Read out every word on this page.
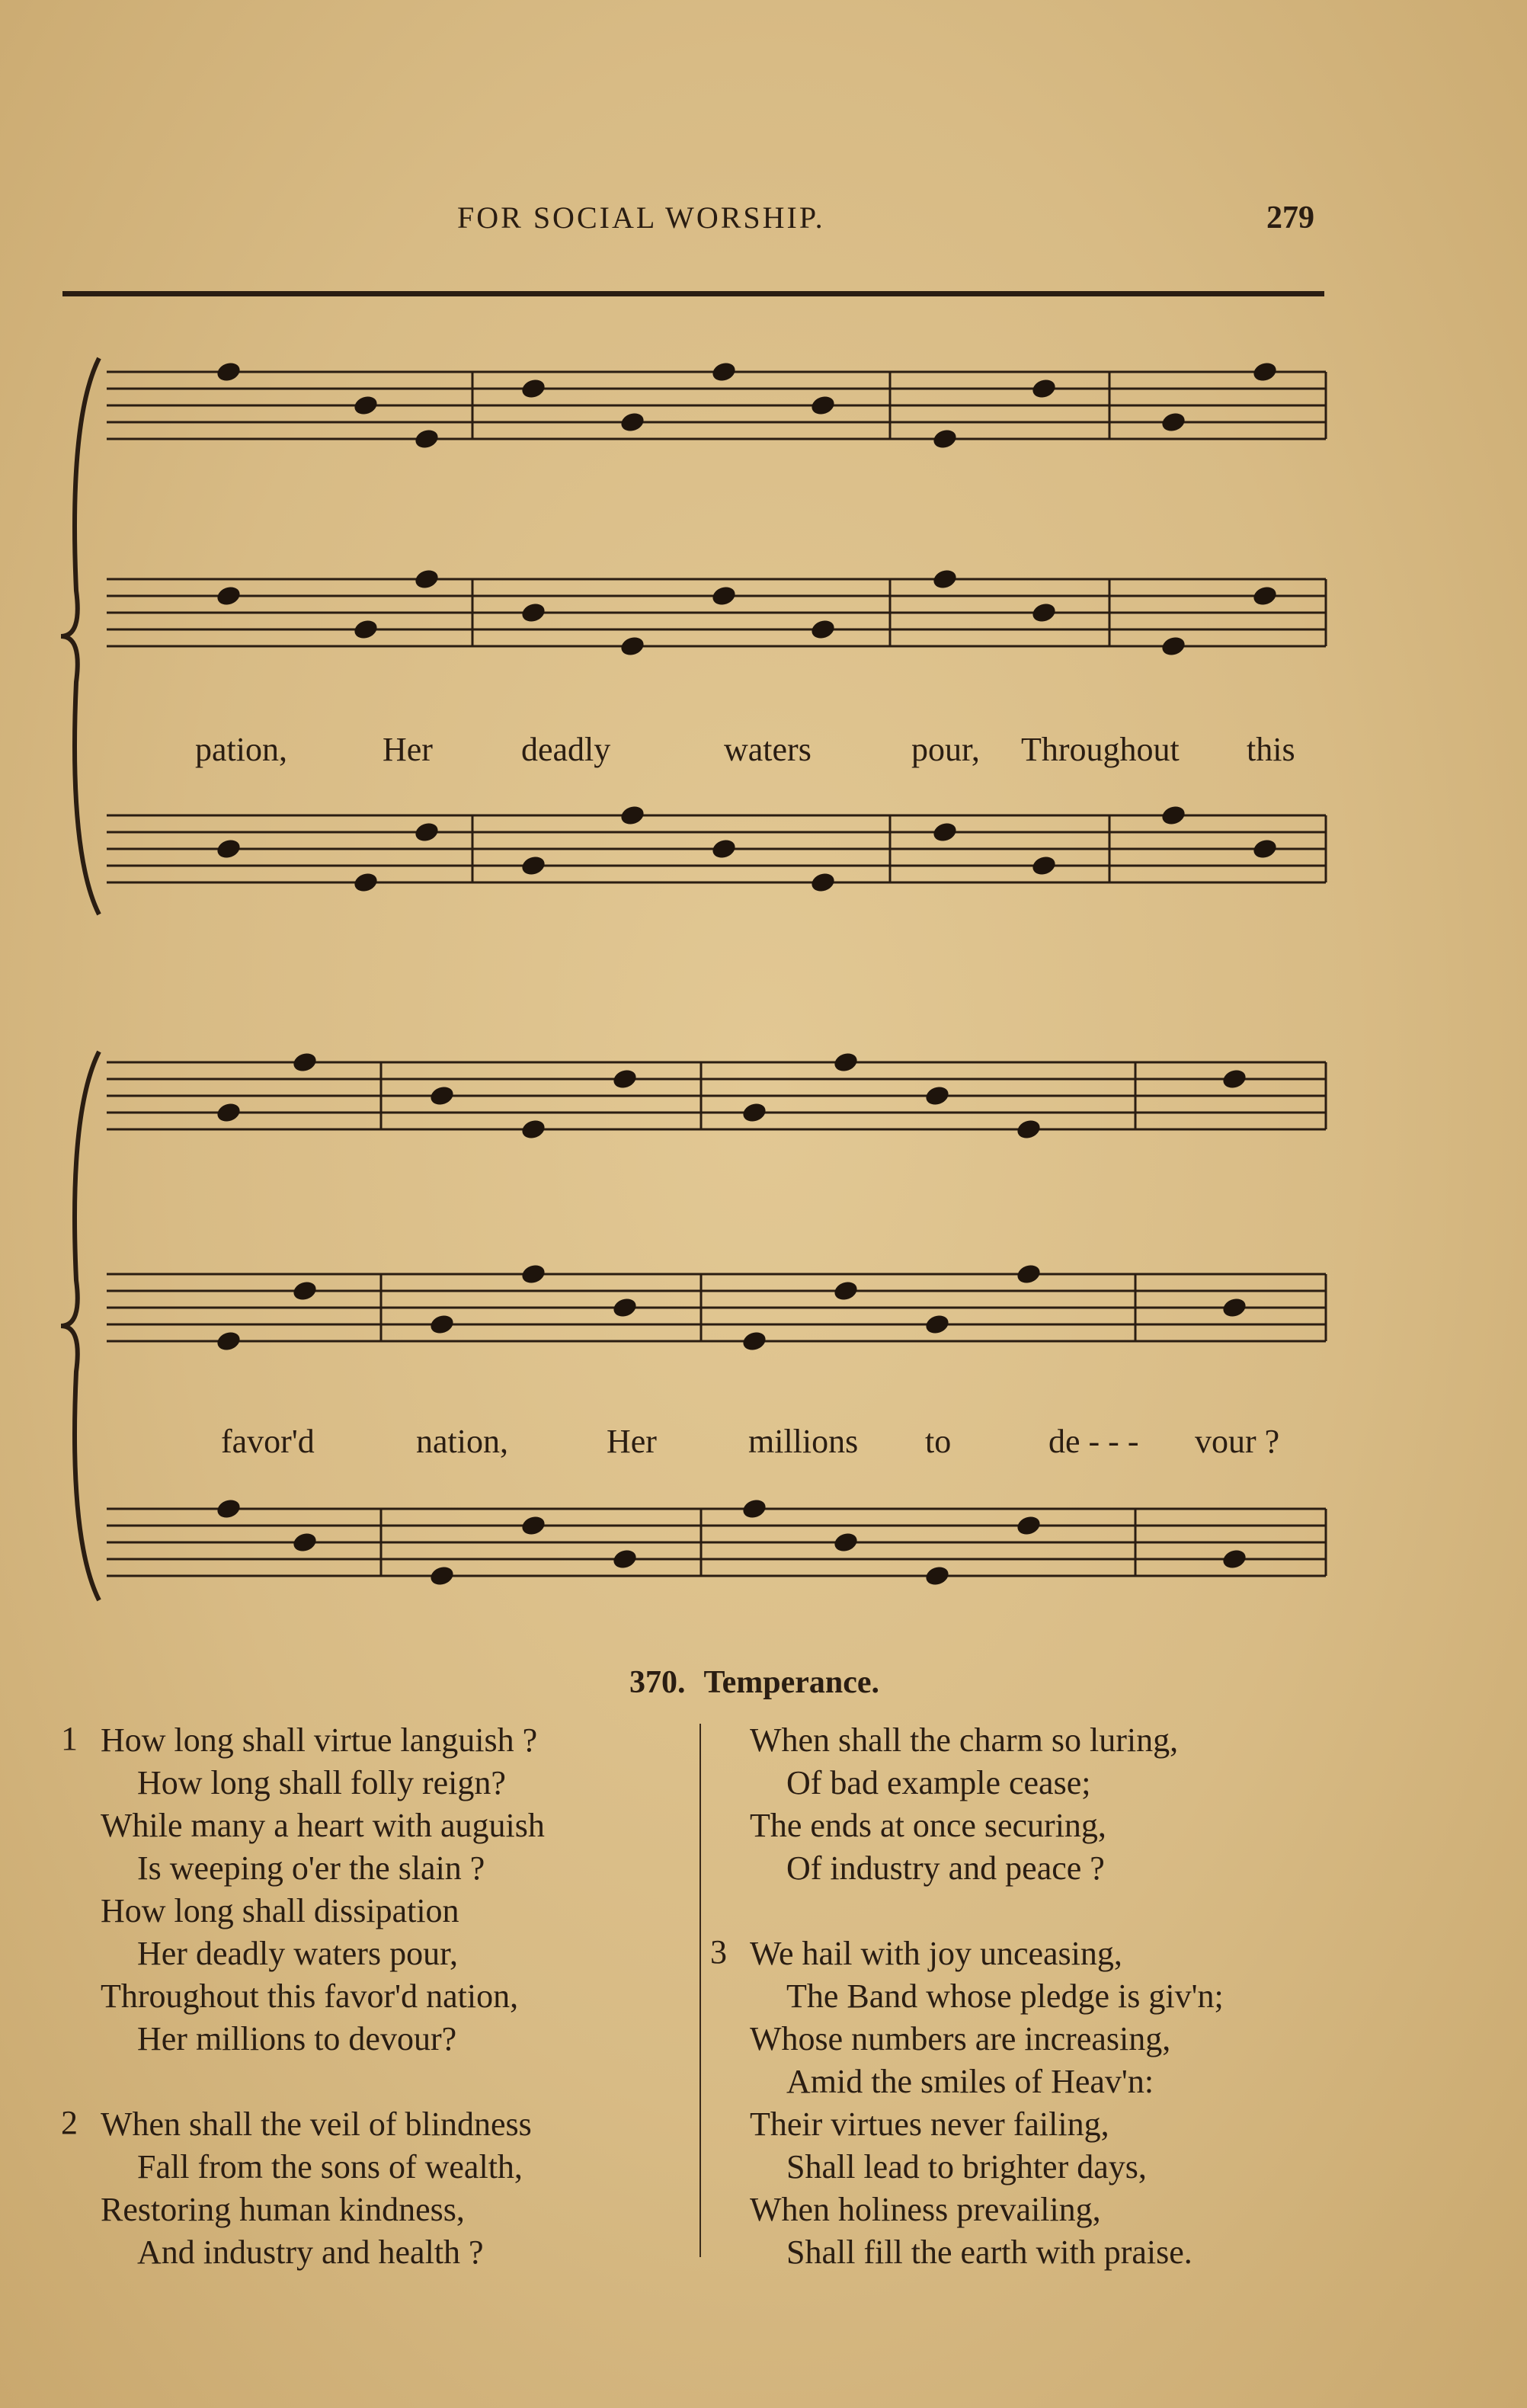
FOR SOCIAL WORSHIP.	279
pation,	Her	deadly	waters	pour, Throughout this
favor'd	nation,	Her	millions to	de - - - vour ?
370. Temperance.
1 How long shall virtue languish ?
How long shall folly reign?
While many a heart with auguish
Is weeping o'er the slain ?
How long shall dissipation
Her deadly waters pour,
Throughout this favor'd nation,
Her millions to devour?
2 When shall the veil of blindness
Fall from the sons of wealth,
Restoring human kindness,
And industry and health ?
When shall the charm so luring,
Of bad example cease;
The ends at once securing,
Of industry and peace ?
3 We hail with joy unceasing,
The Band whose pledge is giv'n;
Whose numbers are increasing,
Amid the smiles of Heav'n:
Their virtues never failing,
Shall lead to brighter days,
When holiness prevailing,
Shall fill the earth with praise.
